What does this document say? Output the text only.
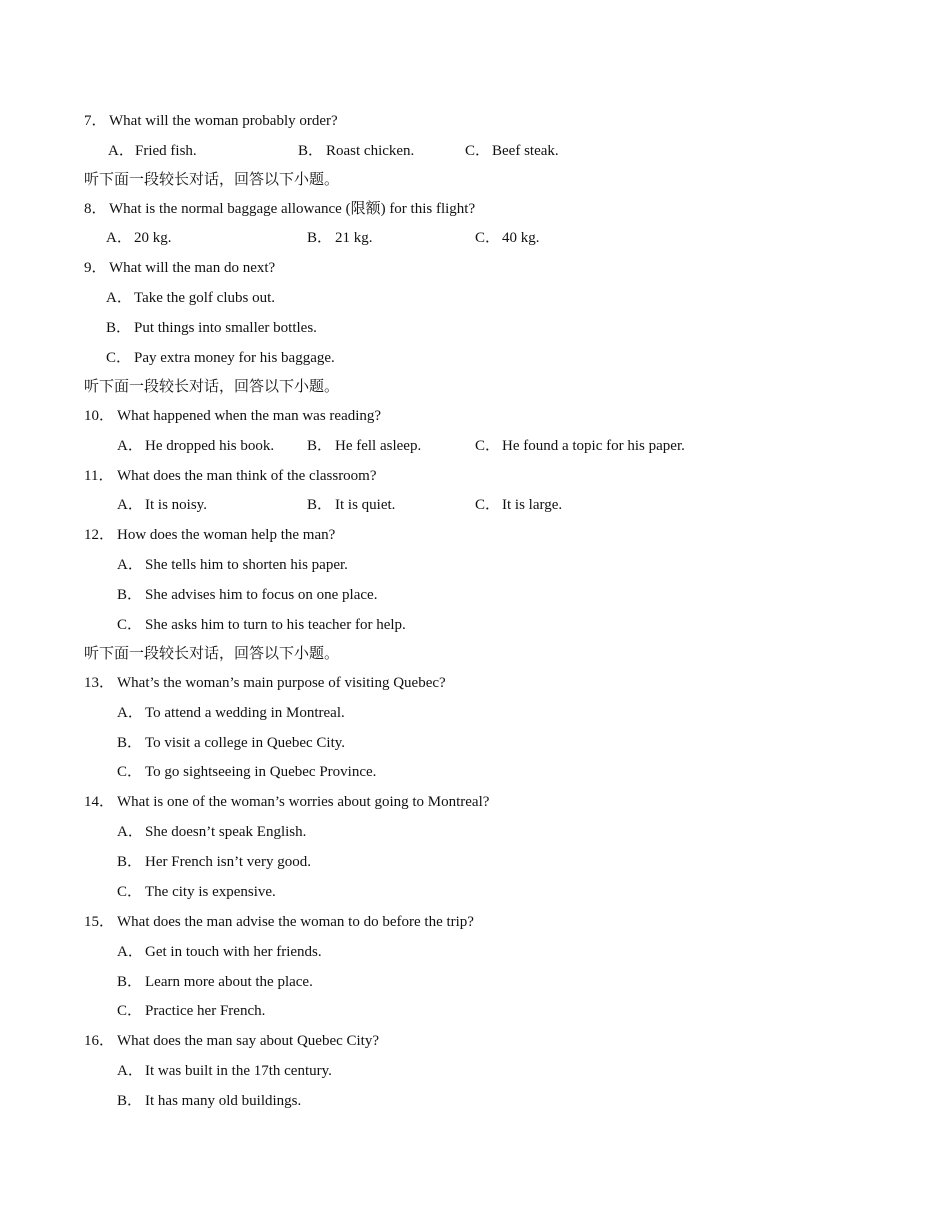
7． What will the woman probably order?
A． Fried fish.	B． Roast chicken.	C． Beef steak.
听下面一段较长对话，回答以下小题。
8． What is the normal baggage allowance (限额) for this flight?
A． 20 kg.	B． 21 kg.	C． 40 kg.
9． What will the man do next?
A． Take the golf clubs out.
B． Put things into smaller bottles.
C． Pay extra money for his baggage.
听下面一段较长对话，回答以下小题。
10． What happened when the man was reading?
A． He dropped his book. B． He fell asleep.	C． He found a topic for his paper.
11． What does the man think of the classroom?
A． It is noisy.	B． It is quiet.	C． It is large.
12． How does the woman help the man?
A． She tells him to shorten his paper.
B． She advises him to focus on one place.
C． She asks him to turn to his teacher for help.
听下面一段较长对话，回答以下小题。
13． What’s the woman’s main purpose of visiting Quebec?
A． To attend a wedding in Montreal.
B． To visit a college in Quebec City.
C． To go sightseeing in Quebec Province.
14． What is one of the woman’s worries about going to Montreal?
A． She doesn’t speak English.
B． Her French isn’t very good.
C． The city is expensive.
15． What does the man advise the woman to do before the trip?
A． Get in touch with her friends.
B． Learn more about the place.
C． Practice her French.
16． What does the man say about Quebec City?
A． It was built in the 17th century.
B． It has many old buildings.
